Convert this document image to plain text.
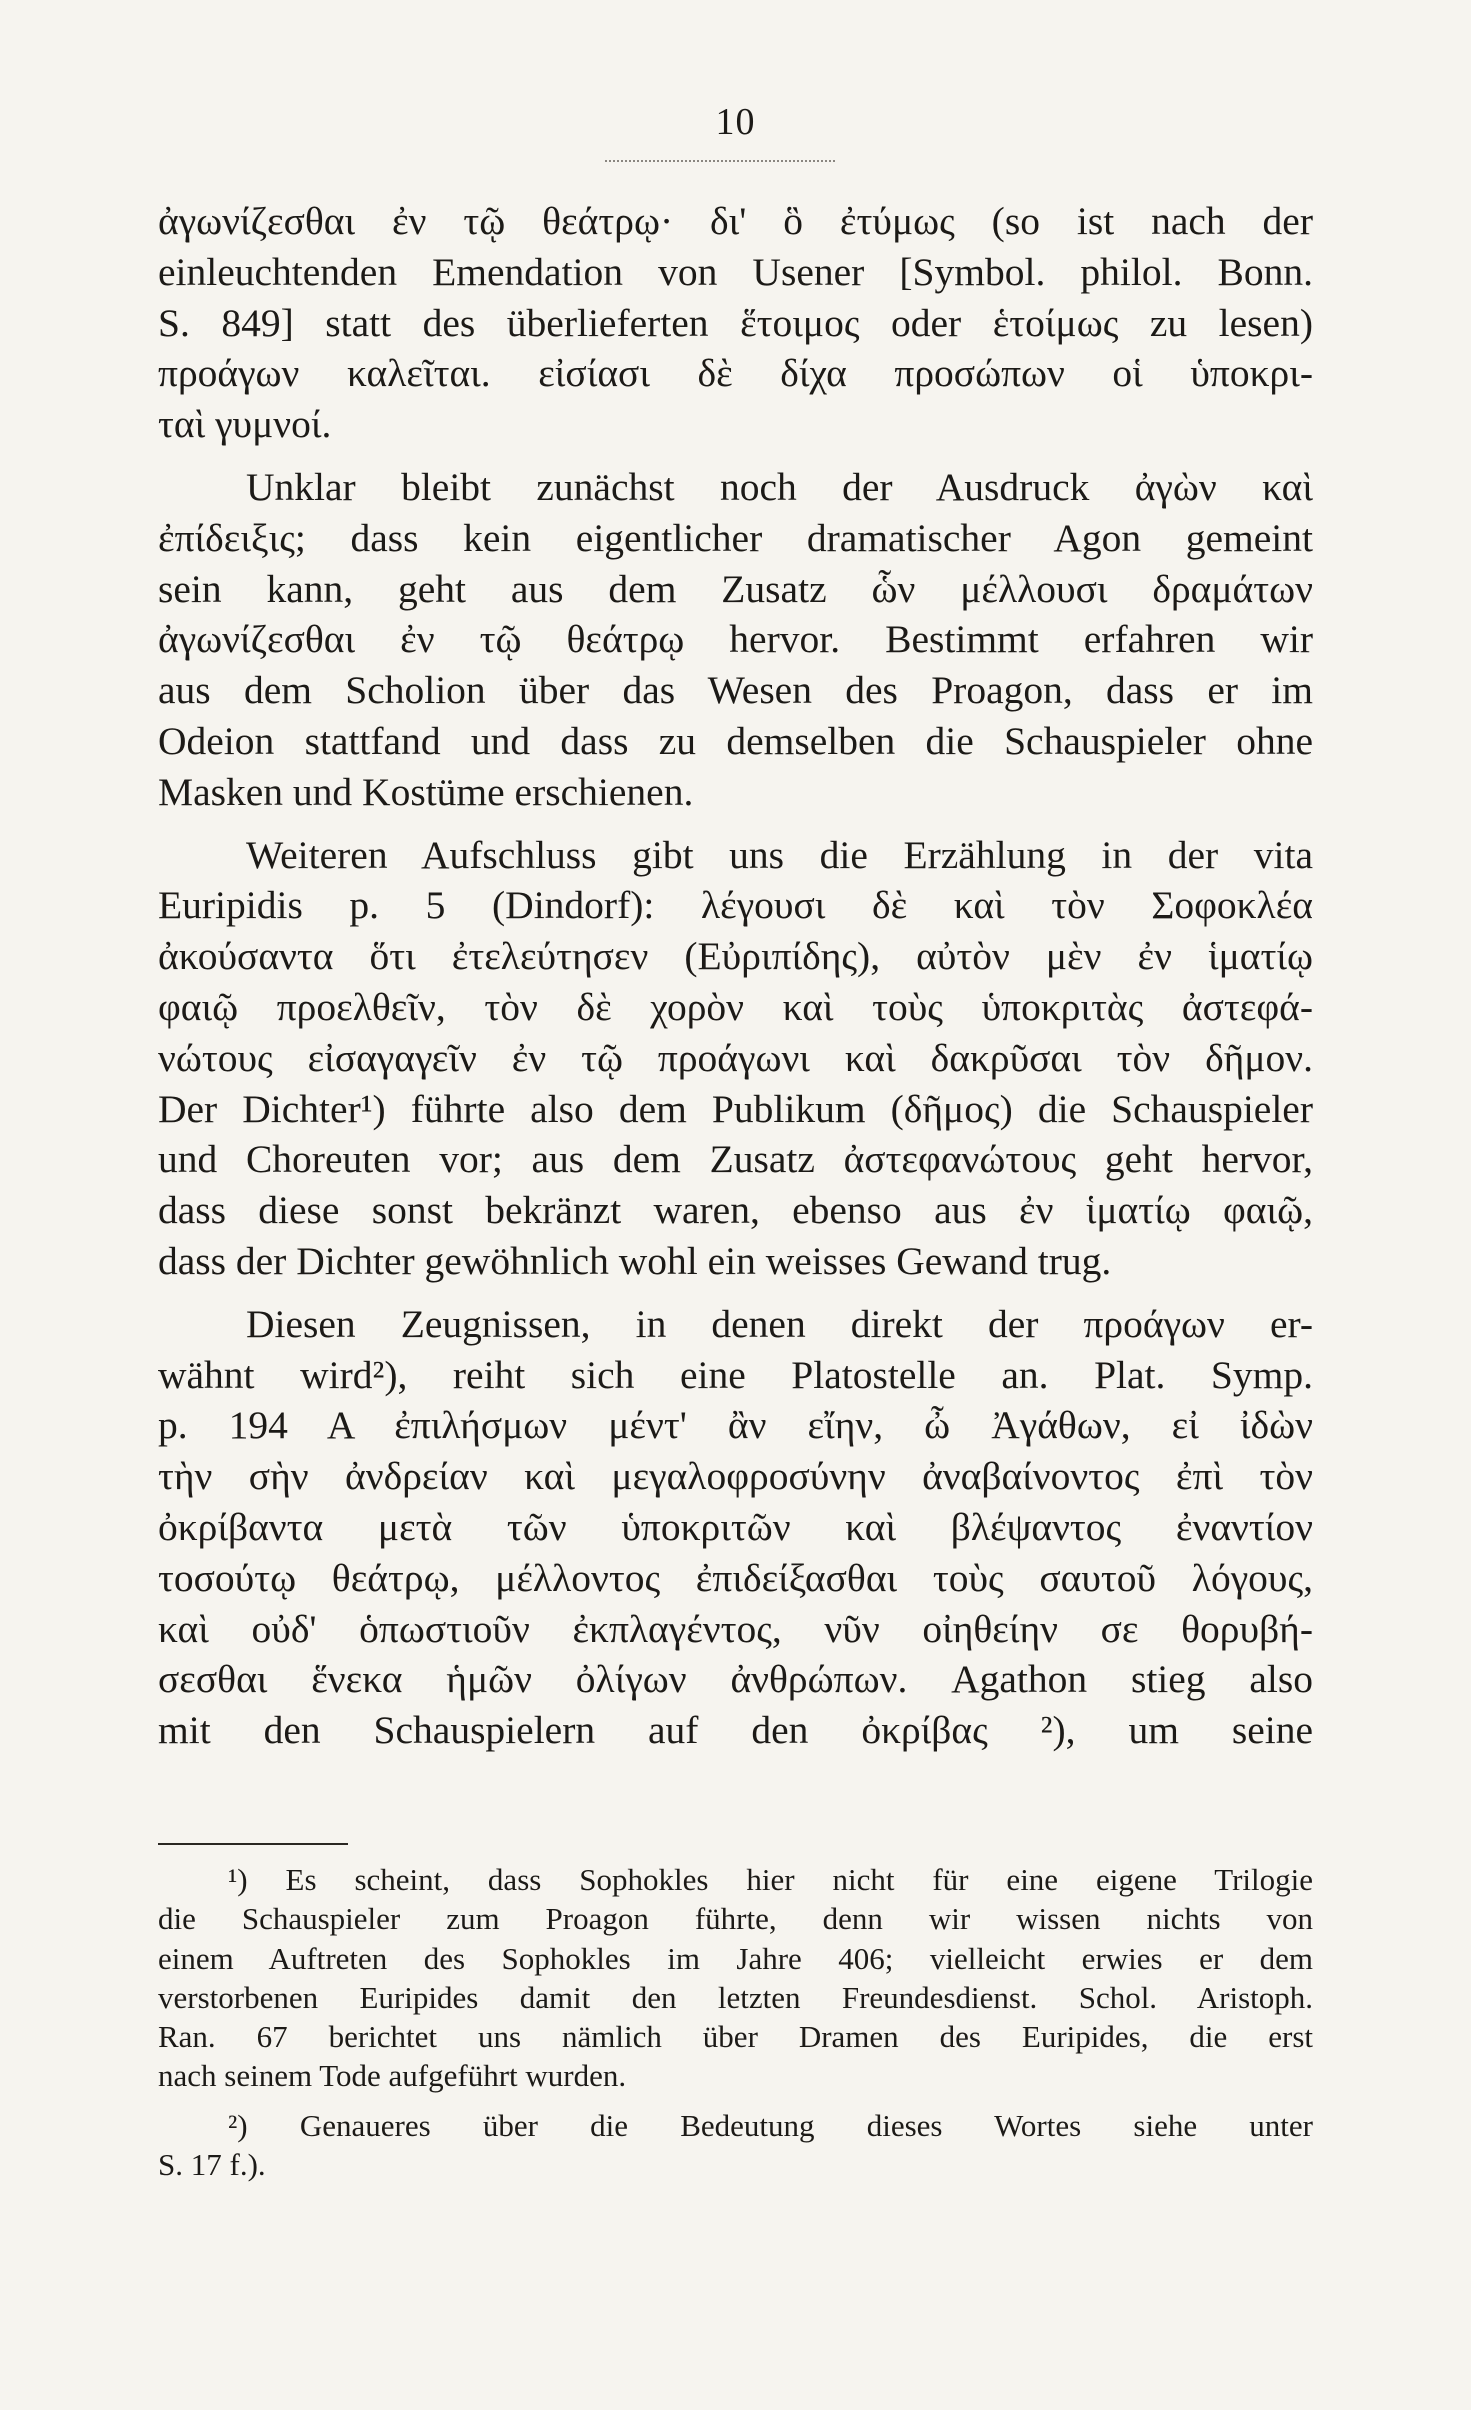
10
ἀγωνίζεσθαι ἐν τῷ θεάτρῳ· δι' ὃ ἐτύμως (so ist nach der
einleuchtenden Emendation von Usener [Symbol. philol. Bonn.
S. 849] statt des überlieferten ἕτοιμος oder ἑτοίμως zu lesen)
προάγων καλεῖται. εἰσίασι δὲ δίχα προσώπων οἱ ὑποκρι-
ταὶ γυμνοί.
Unklar bleibt zunächst noch der Ausdruck ἀγὼν καὶ
ἐπίδειξις; dass kein eigentlicher dramatischer Agon gemeint
sein kann, geht aus dem Zusatz ὧν μέλλουσι δραμάτων
ἀγωνίζεσθαι ἐν τῷ θεάτρῳ hervor. Bestimmt erfahren wir
aus dem Scholion über das Wesen des Proagon, dass er im
Odeion stattfand und dass zu demselben die Schauspieler ohne
Masken und Kostüme erschienen.
Weiteren Aufschluss gibt uns die Erzählung in der vita
Euripidis p. 5 (Dindorf): λέγουσι δὲ καὶ τὸν Σοφοκλέα
ἀκούσαντα ὅτι ἐτελεύτησεν (Εὐριπίδης), αὐτὸν μὲν ἐν ἱματίῳ
φαιῷ προελθεῖν, τὸν δὲ χορὸν καὶ τοὺς ὑποκριτὰς ἀστεφά-
νώτους εἰσαγαγεῖν ἐν τῷ προάγωνι καὶ δακρῦσαι τὸν δῆμον.
Der Dichter¹) führte also dem Publikum (δῆμος) die Schauspieler
und Choreuten vor; aus dem Zusatz ἀστεφανώτους geht hervor,
dass diese sonst bekränzt waren, ebenso aus ἐν ἱματίῳ φαιῷ,
dass der Dichter gewöhnlich wohl ein weisses Gewand trug.
Diesen Zeugnissen, in denen direkt der προάγων er-
wähnt wird²), reiht sich eine Platostelle an. Plat. Symp.
p. 194 A ἐπιλήσμων μέντ' ἂν εἴην, ὦ Ἀγάθων, εἰ ἰδὼν
τὴν σὴν ἀνδρείαν καὶ μεγαλοφροσύνην ἀναβαίνοντος ἐπὶ τὸν
ὀκρίβαντα μετὰ τῶν ὑποκριτῶν καὶ βλέψαντος ἐναντίον
τοσούτῳ θεάτρῳ, μέλλοντος ἐπιδείξασθαι τοὺς σαυτοῦ λόγους,
καὶ οὐδ' ὁπωστιοῦν ἐκπλαγέντος, νῦν οἰηθείην σε θορυβή-
σεσθαι ἕνεκα ἡμῶν ὀλίγων ἀνθρώπων. Agathon stieg also
mit den Schauspielern auf den ὀκρίβας ²), um seine
¹) Es scheint, dass Sophokles hier nicht für eine eigene Trilogie
die Schauspieler zum Proagon führte, denn wir wissen nichts von
einem Auftreten des Sophokles im Jahre 406; vielleicht erwies er dem
verstorbenen Euripides damit den letzten Freundesdienst. Schol. Aristoph.
Ran. 67 berichtet uns nämlich über Dramen des Euripides, die erst
nach seinem Tode aufgeführt wurden.
²) Genaueres über die Bedeutung dieses Wortes siehe unter
S. 17 f.).
